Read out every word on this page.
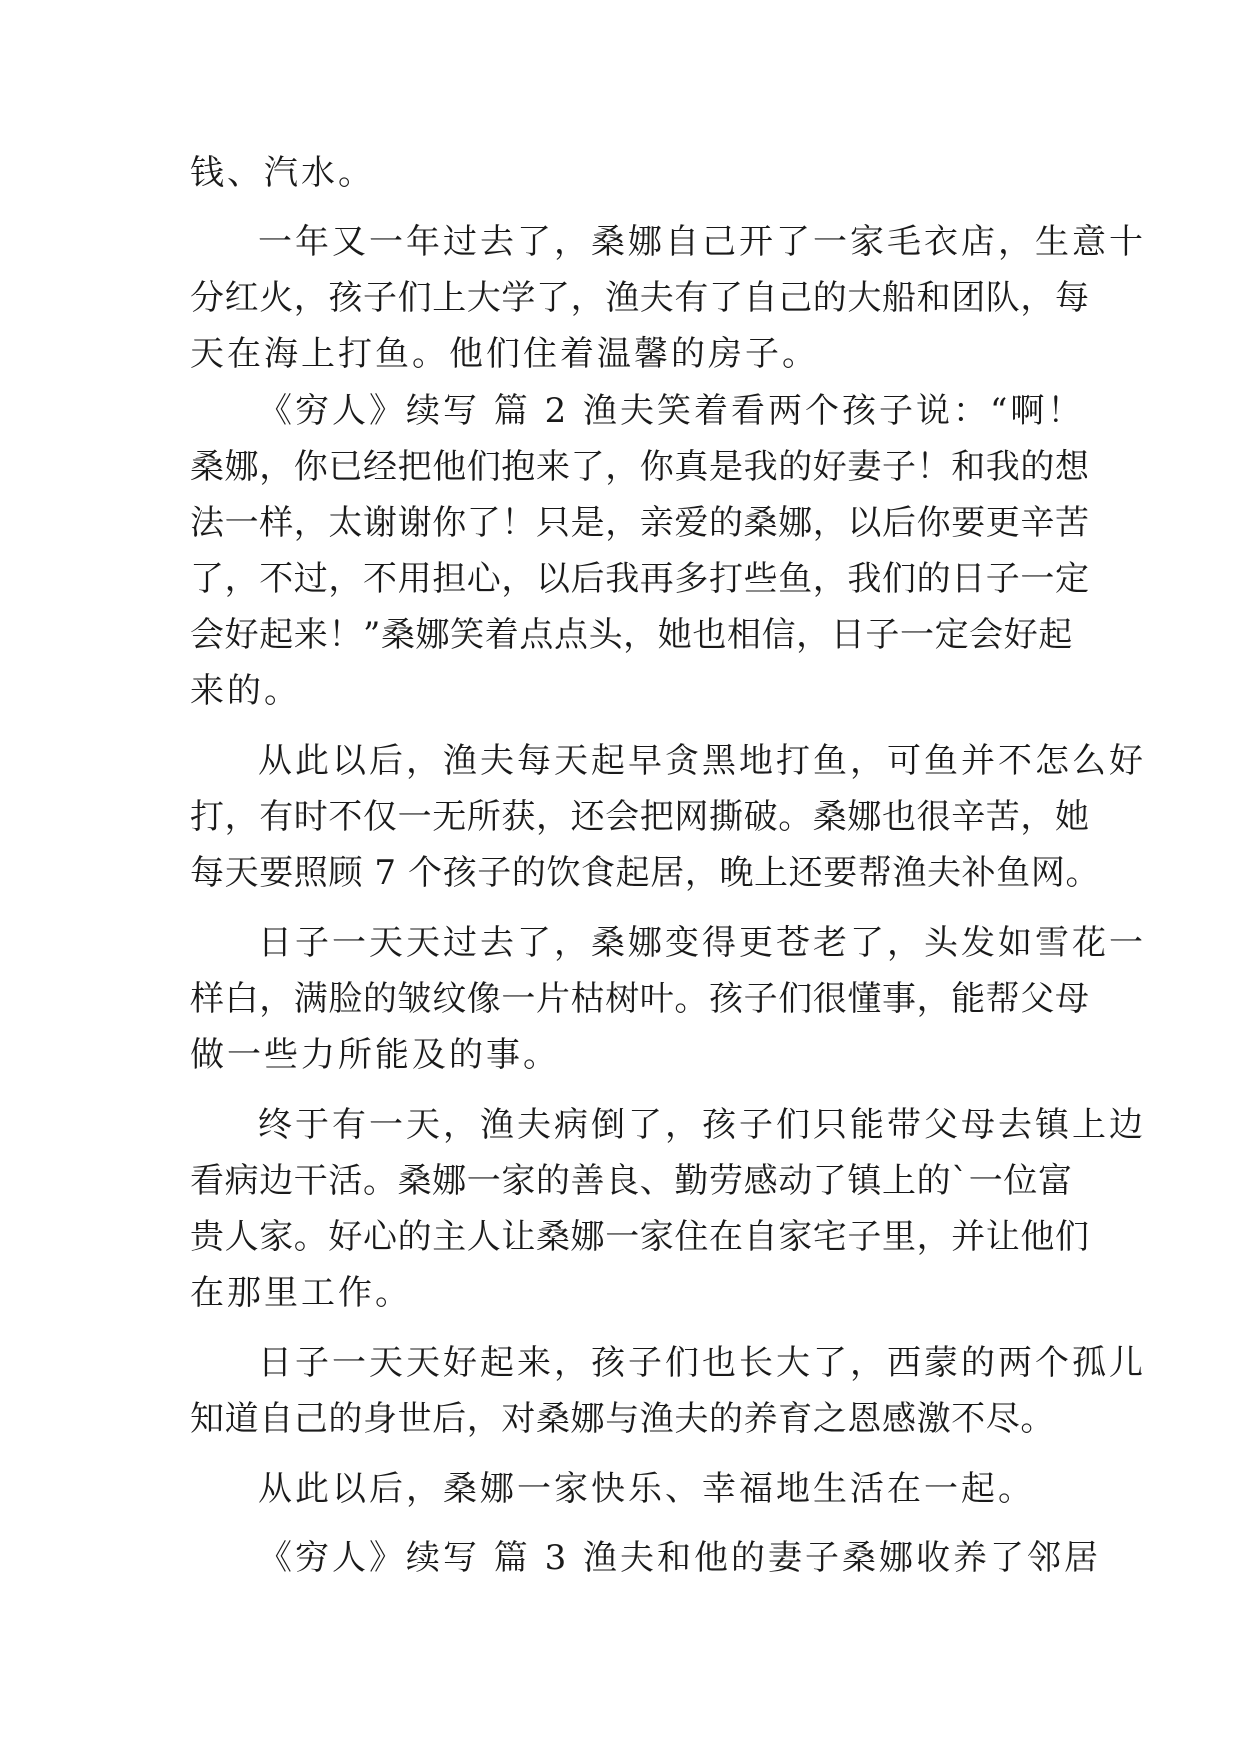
钱、汽水。
一年又一年过去了，桑娜自己开了一家毛衣店，生意十
分红火，孩子们上大学了，渔夫有了自己的大船和团队，每
天在海上打鱼。他们住着温馨的房子。
《穷人》续写 篇 2 渔夫笑着看两个孩子说：“啊！
桑娜，你已经把他们抱来了，你真是我的好妻子！和我的想
法一样，太谢谢你了！只是，亲爱的桑娜，以后你要更辛苦
了，不过，不用担心，以后我再多打些鱼，我们的日子一定
会好起来！”桑娜笑着点点头，她也相信，日子一定会好起
来的。
从此以后，渔夫每天起早贪黑地打鱼，可鱼并不怎么好
打，有时不仅一无所获，还会把网撕破。桑娜也很辛苦，她
每天要照顾 7 个孩子的饮食起居，晚上还要帮渔夫补鱼网。
日子一天天过去了，桑娜变得更苍老了，头发如雪花一
样白，满脸的皱纹像一片枯树叶。孩子们很懂事，能帮父母
做一些力所能及的事。
终于有一天，渔夫病倒了，孩子们只能带父母去镇上边
看病边干活。桑娜一家的善良、勤劳感动了镇上的`一位富
贵人家。好心的主人让桑娜一家住在自家宅子里，并让他们
在那里工作。
日子一天天好起来，孩子们也长大了，西蒙的两个孤儿
知道自己的身世后，对桑娜与渔夫的养育之恩感激不尽。
从此以后，桑娜一家快乐、幸福地生活在一起。
《穷人》续写 篇 3 渔夫和他的妻子桑娜收养了邻居
